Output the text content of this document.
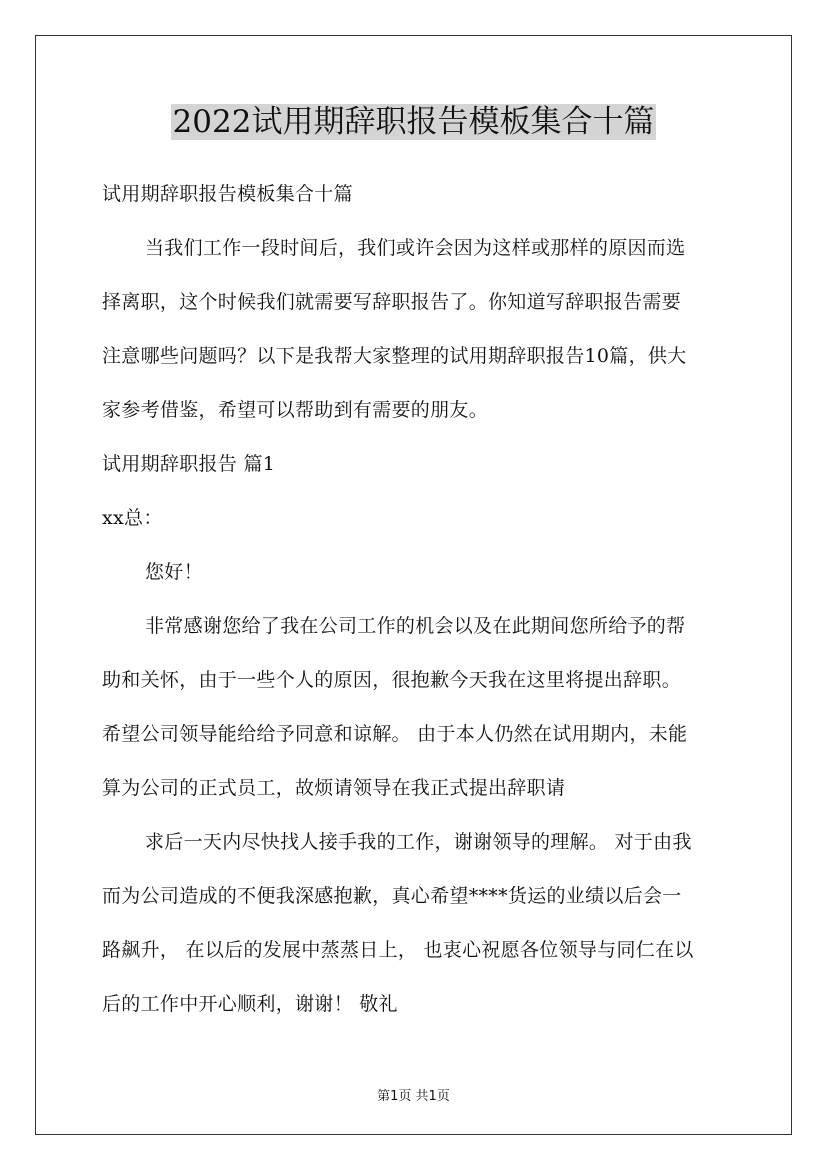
2022试用期辞职报告模板集合十篇

试用期辞职报告模板集合十篇

当我们工作一段时间后，我们或许会因为这样或那样的原因而选

择离职，这个时候我们就需要写辞职报告了。你知道写辞职报告需要

注意哪些问题吗？以下是我帮大家整理的试用期辞职报告10篇，供大

家参考借鉴，希望可以帮助到有需要的朋友。

试用期辞职报告 篇1

xx总：

您好！

非常感谢您给了我在公司工作的机会以及在此期间您所给予的帮

助和关怀，由于一些个人的原因，很抱歉今天我在这里将提出辞职。

希望公司领导能给给予同意和谅解。 由于本人仍然在试用期内，未能

算为公司的正式员工，故烦请领导在我正式提出辞职请

求后一天内尽快找人接手我的工作，谢谢领导的理解。 对于由我

而为公司造成的不便我深感抱歉，真心希望****货运的业绩以后会一

路飙升， 在以后的发展中蒸蒸日上， 也衷心祝愿各位领导与同仁在以

后的工作中开心顺利，谢谢！ 敬礼

第1页 共1页
